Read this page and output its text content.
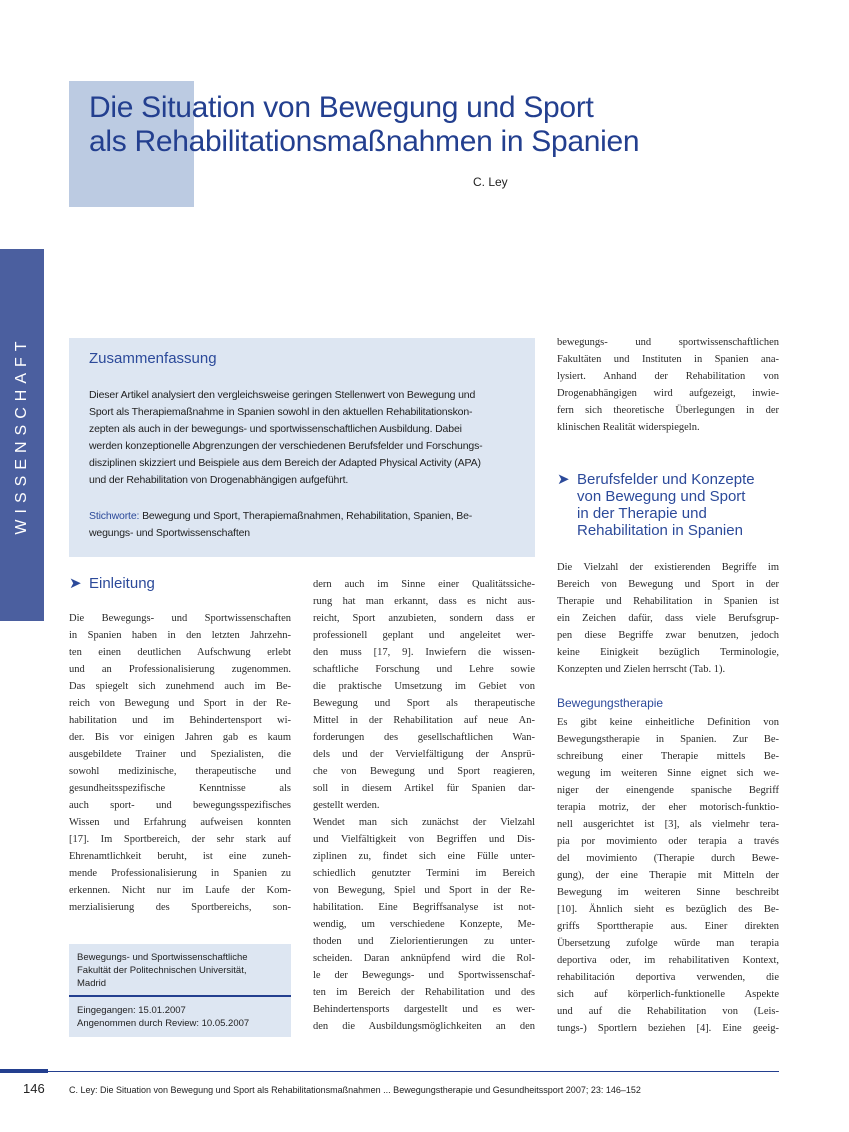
Die Situation von Bewegung und Sport
als Rehabilitationsmaßnahmen in Spanien
C. Ley
WISSENSCHAFT	Zusammenfassung

Dieser Artikel analysiert den vergleichsweise geringen Stellenwert von Bewegung und
Sport als Therapiemaßnahme in Spanien sowohl in den aktuellen Rehabilitationskon-
zepten als auch in der bewegungs- und sportwissenschaftlichen Ausbildung. Dabei
werden konzeptionelle Abgrenzungen der verschiedenen Berufsfelder und Forschungs-
disziplinen skizziert und Beispiele aus dem Bereich der Adapted Physical Activity (APA)
und der Rehabilitation von Drogenabhängigen aufgeführt.

Stichworte: Bewegung und Sport, Therapiemaßnahmen, Rehabilitation, Spanien, Be-
wegungs- und Sportwissenschaften

➤ Einleitung
Die Bewegungs- und Sportwissenschaften
in Spanien haben in den letzten Jahrzehn-
ten einen deutlichen Aufschwung erlebt
und an Professionalisierung zugenommen.
Das spiegelt sich zunehmend auch im Be-
reich von Bewegung und Sport in der Re-
habilitation und im Behindertensport wi-
der. Bis vor einigen Jahren gab es kaum
ausgebildete Trainer und Spezialisten, die
sowohl medizinische, therapeutische und
gesundheitsspezifische Kenntnisse als
auch sport- und bewegungsspezifisches
Wissen und Erfahrung aufweisen konnten
[17]. Im Sportbereich, der sehr stark auf
Ehrenamtlichkeit beruht, ist eine zuneh-
mende Professionalisierung in Spanien zu
erkennen. Nicht nur im Laufe der Kom-
merzialisierung des Sportbereichs, son-
Bewegungs- und Sportwissenschaftliche
Fakultät der Politechnischen Universität,
Madrid
Eingegangen: 15.01.2007
Angenommen durch Review: 10.05.2007
dern auch im Sinne einer Qualitätssiche-
rung hat man erkannt, dass es nicht aus-
reicht, Sport anzubieten, sondern dass er
professionell geplant und angeleitet wer-
den muss [17, 9]. Inwiefern die wissen-
schaftliche Forschung und Lehre sowie
die praktische Umsetzung im Gebiet von
Bewegung und Sport als therapeutische
Mittel in der Rehabilitation auf neue An-
forderungen des gesellschaftlichen Wan-
dels und der Vervielfältigung der Ansprü-
che von Bewegung und Sport reagieren,
soll in diesem Artikel für Spanien dar-
gestellt werden.
Wendet man sich zunächst der Vielzahl
und Vielfältigkeit von Begriffen und Dis-
ziplinen zu, findet sich eine Fülle unter-
schiedlich genutzter Termini im Bereich
von Bewegung, Spiel und Sport in der Re-
habilitation. Eine Begriffsanalyse ist not-
wendig, um verschiedene Konzepte, Me-
thoden und Zielorientierungen zu unter-
scheiden. Daran anknüpfend wird die Rol-
le der Bewegungs- und Sportwissenschaf-
ten im Bereich der Rehabilitation und des
Behindertensports dargestellt und es wer-
den die Ausbildungsmöglichkeiten an den
bewegungs- und sportwissenschaftlichen
Fakultäten und Instituten in Spanien ana-
lysiert. Anhand der Rehabilitation von
Drogenabhängigen wird aufgezeigt, inwie-
fern sich theoretische Überlegungen in der
klinischen Realität widerspiegeln.
➤ Berufsfelder und Konzepte
von Bewegung und Sport
in der Therapie und
Rehabilitation in Spanien
Die Vielzahl der existierenden Begriffe im
Bereich von Bewegung und Sport in der
Therapie und Rehabilitation in Spanien ist
ein Zeichen dafür, dass viele Berufsgrup-
pen diese Begriffe zwar benutzen, jedoch
keine Einigkeit bezüglich Terminologie,
Konzepten und Zielen herrscht (Tab. 1).
Bewegungstherapie
Es gibt keine einheitliche Definition von
Bewegungstherapie in Spanien. Zur Be-
schreibung einer Therapie mittels Be-
wegung im weiteren Sinne eignet sich we-
niger der einengende spanische Begriff
terapia motriz, der eher motorisch-funktio-
nell ausgerichtet ist [3], als vielmehr tera-
pia por movimiento oder terapia a través
del movimiento (Therapie durch Bewe-
gung), der eine Therapie mit Mitteln der
Bewegung im weiteren Sinne beschreibt
[10]. Ähnlich sieht es bezüglich des Be-
griffs Sporttherapie aus. Einer direkten
Übersetzung zufolge würde man terapia
deportiva oder, im rehabilitativen Kontext,
rehabilitación deportiva verwenden, die
sich auf körperlich-funktionelle Aspekte
und auf die Rehabilitation von (Leis-
tungs-) Sportlern beziehen [4]. Eine geeig-
146	C. Ley: Die Situation von Bewegung und Sport als Rehabilitationsmaßnahmen ... Bewegungstherapie und Gesundheitssport 2007; 23: 146–152
